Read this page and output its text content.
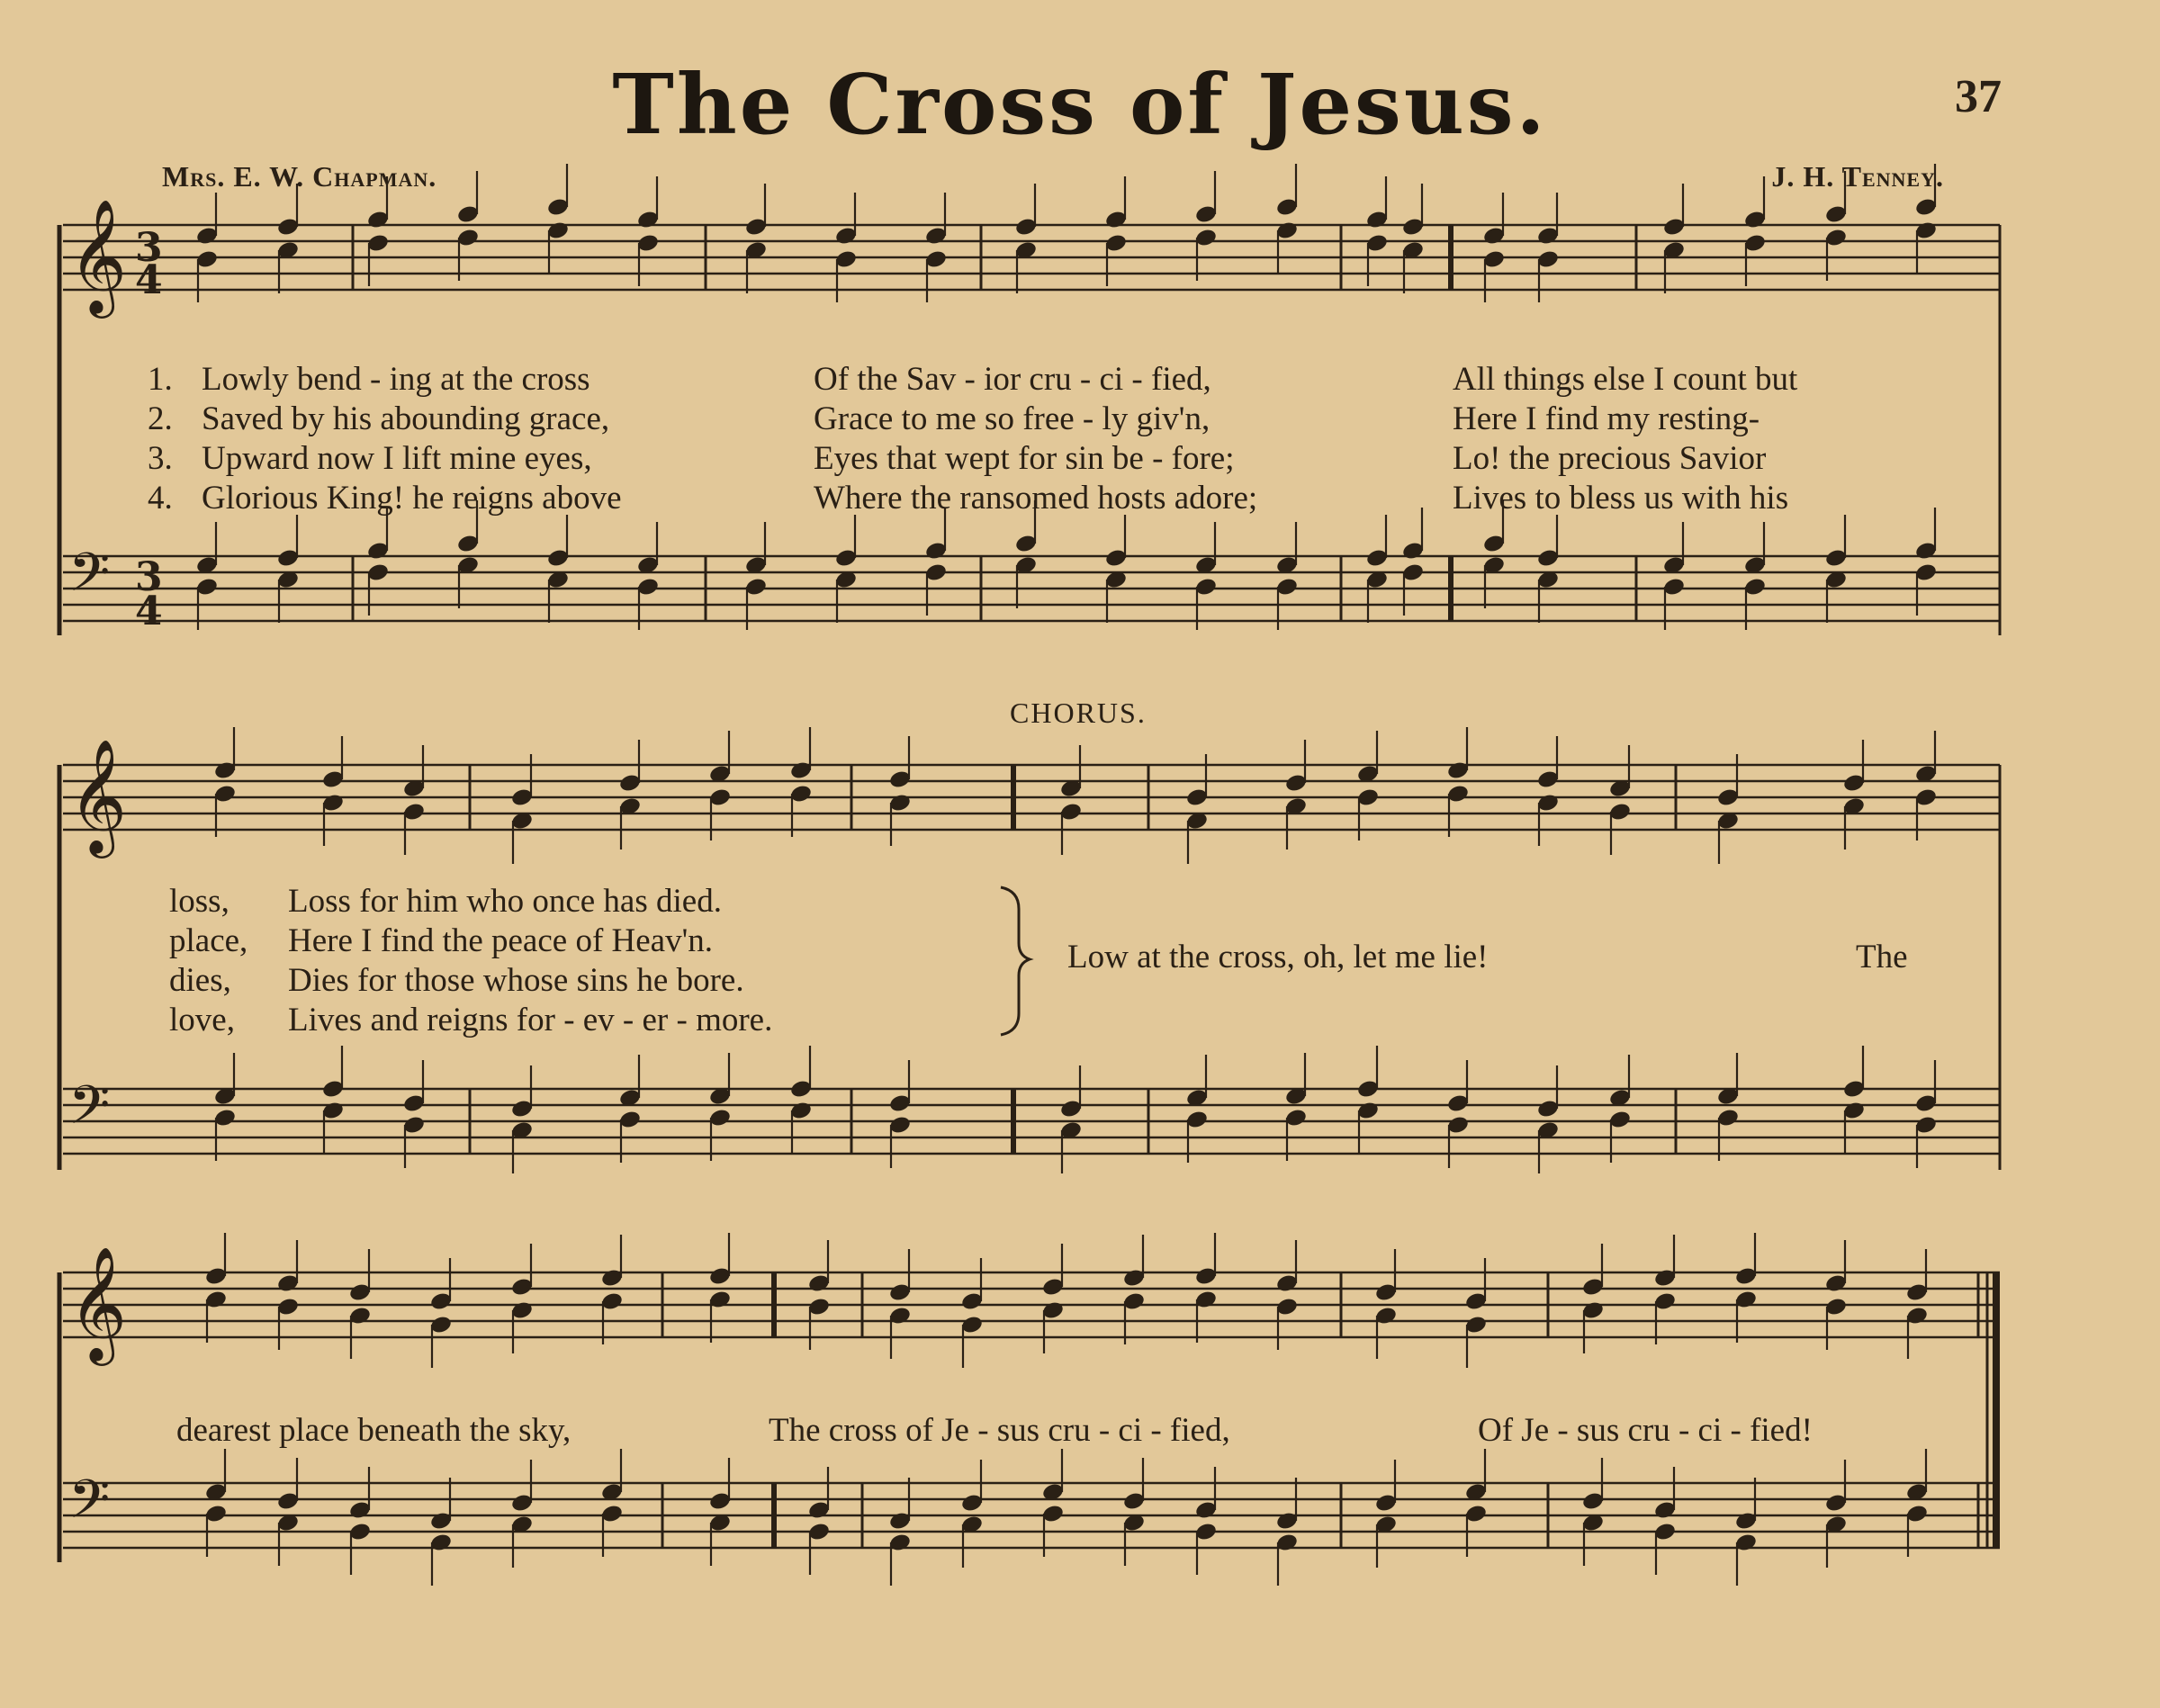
The Cross of Jesus.	37
Mrs. E. W. Chapman.	J. H. Tenney.
𝄞
𝄢
3
4
3
4
𝄞
𝄢
𝄞
𝄢
1. Lowly bend - ing at the cross	Of the Sav - ior cru - ci - fied,	All things else I count but
2. Saved by his abounding grace,	Grace to me so free - ly giv'n,	Here I find my resting-
3. Upward now I lift mine eyes,	Eyes that wept for sin be - fore;	Lo! the precious Savior
4. Glorious King! he reigns above	Where the ransomed hosts adore;	Lives to bless us with his
CHORUS.
loss, Loss for him who once has died.
place, Here I find the peace of Heav'n.
dies, Dies for those whose sins he bore.
love, Lives and reigns for - ev - er - more.
Low at the cross, oh, let me lie!	The
dearest place beneath the sky,	The cross of Je - sus cru - ci - fied,	Of Je - sus cru - ci - fied!
